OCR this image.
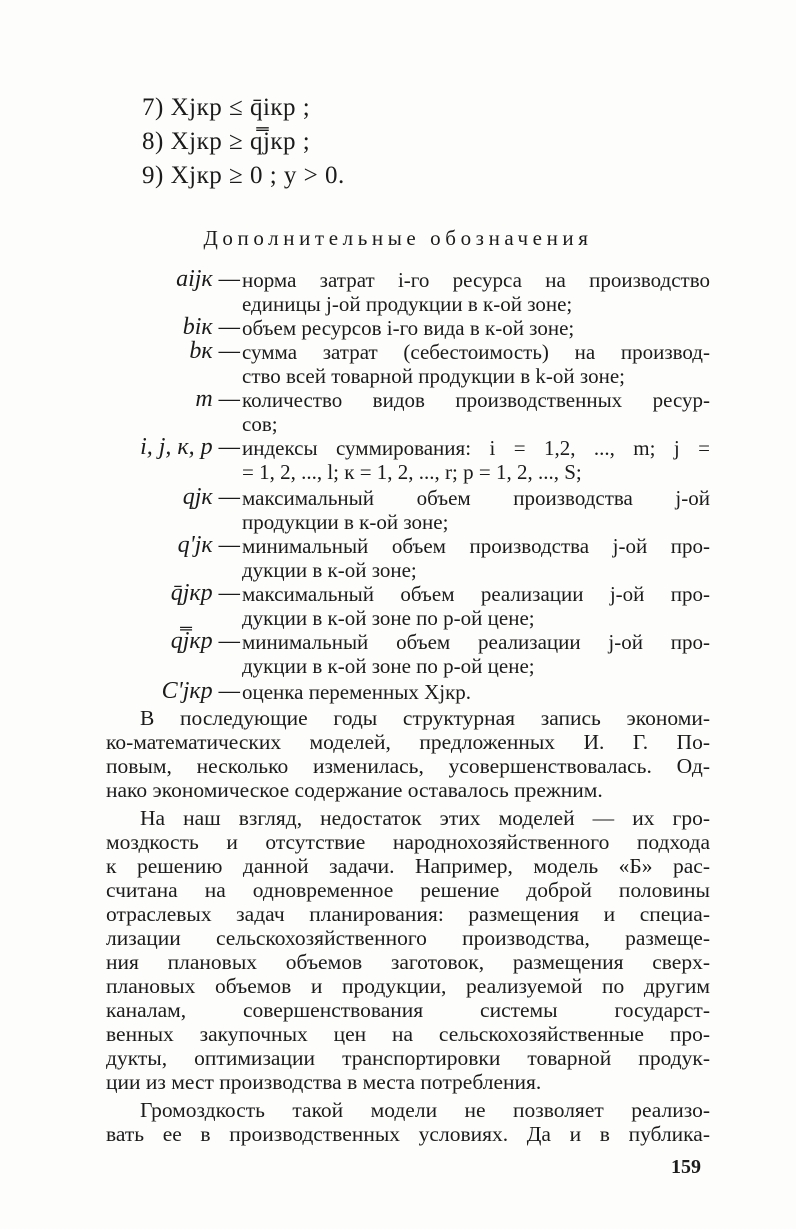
7) Xjкр ≤ q̄iкр ;
8) Xjкр ≥ q̿jкр ;
9) Xjкр ≥ 0 ; y > 0.
Дополнительные обозначения
aijк — норма затрат i-го ресурса на производство
единицы j-ой продукции в к-ой зоне;
biк — объем ресурсов i-го вида в к-ой зоне;
bк — сумма затрат (себестоимость) на производ-
ство всей товарной продукции в k-ой зоне;
m — количество видов производственных ресур-
сов;
i, j, к, p — индексы суммирования: i = 1,2, ..., m; j =
= 1, 2, ..., l; к = 1, 2, ..., r; p = 1, 2, ..., S;
qjк — максимальный объем производства j-ой
продукции в к-ой зоне;
q'jк — минимальный объем производства j-ой про-
дукции в к-ой зоне;
q̄jкр — максимальный объем реализации j-ой про-
дукции в к-ой зоне по р-ой цене;
q̿jкр — минимальный объем реализации j-ой про-
дукции в к-ой зоне по р-ой цене;
C'jкр — оценка переменных Xjкр.
В последующие годы структурная запись экономи-
ко-математических моделей, предложенных И. Г. По-
повым, несколько изменилась, усовершенствовалась. Од-
нако экономическое содержание оставалось прежним.
На наш взгляд, недостаток этих моделей — их гро-
моздкость и отсутствие народнохозяйственного подхода
к решению данной задачи. Например, модель «Б» рас-
считана на одновременное решение доброй половины
отраслевых задач планирования: размещения и специа-
лизации сельскохозяйственного производства, размеще-
ния плановых объемов заготовок, размещения сверх-
плановых объемов и продукции, реализуемой по другим
каналам, совершенствования системы государст-
венных закупочных цен на сельскохозяйственные про-
дукты, оптимизации транспортировки товарной продук-
ции из мест производства в места потребления.
Громоздкость такой модели не позволяет реализо-
вать ее в производственных условиях. Да и в публика-
159
